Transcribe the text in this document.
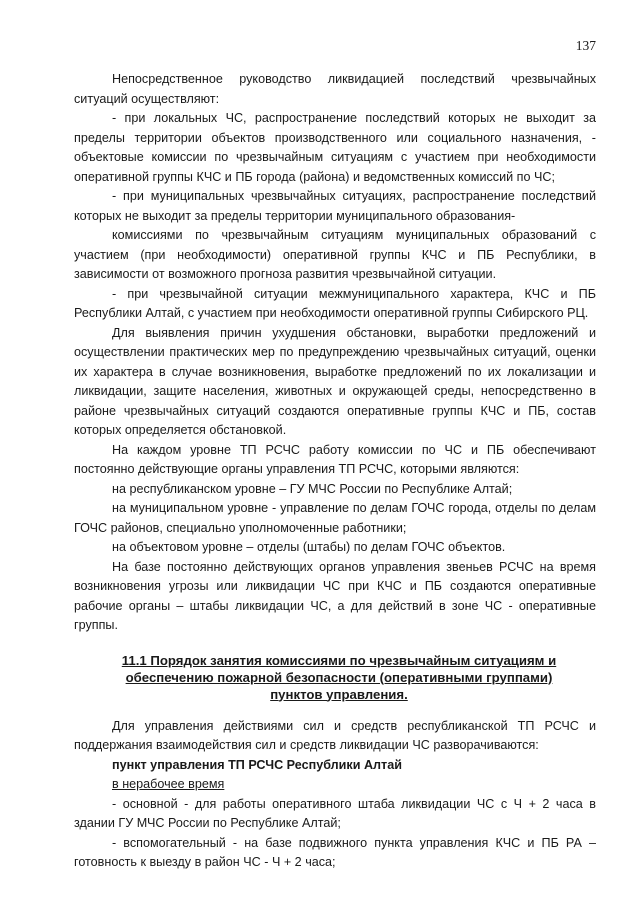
137

Непосредственное руководство ликвидацией последствий чрезвычайных ситуаций осуществляют:

- при локальных ЧС, распространение последствий которых не выходит за пределы территории объектов производственного или социального назначения, - объектовые комиссии по чрезвычайным ситуациям с участием при необходимости оперативной группы КЧС и ПБ города (района) и ведомственных комиссий по ЧС;

- при муниципальных чрезвычайных ситуациях, распространение последствий которых не выходит за пределы территории муниципального образования-

комиссиями по чрезвычайным ситуациям муниципальных образований с участием (при необходимости) оперативной группы КЧС и ПБ Республики, в зависимости от возможного прогноза развития чрезвычайной ситуации.

- при чрезвычайной ситуации межмуниципального характера, КЧС и ПБ Республики Алтай, с участием при необходимости оперативной группы Сибирского РЦ.

Для выявления причин ухудшения обстановки, выработки предложений и осуществлении практических мер по предупреждению чрезвычайных ситуаций, оценки их характера в случае возникновения, выработке предложений по их локализации и ликвидации, защите населения, животных и окружающей среды, непосредственно в районе чрезвычайных ситуаций создаются оперативные группы КЧС и ПБ, состав которых определяется обстановкой.

На каждом уровне ТП РСЧС работу комиссии по ЧС и ПБ обеспечивают постоянно действующие органы управления ТП РСЧС, которыми являются:

на республиканском уровне – ГУ МЧС России по Республике Алтай;

на муниципальном уровне - управление по делам ГОЧС города, отделы по делам ГОЧС районов, специально уполномоченные работники;

на объектовом уровне – отделы (штабы) по делам ГОЧС объектов.

На базе постоянно действующих органов управления звеньев РСЧС на время возникновения угрозы или ликвидации ЧС при КЧС и ПБ создаются оперативные рабочие органы – штабы ликвидации ЧС, а для действий в зоне ЧС - оперативные группы.

11.1 Порядок занятия комиссиями по чрезвычайным ситуациям и обеспечению пожарной безопасности (оперативными группами) пунктов управления.

Для управления действиями сил и средств республиканской ТП РСЧС и поддержания взаимодействия сил и средств ликвидации ЧС разворачиваются:

пункт управления ТП РСЧС Республики Алтай

в нерабочее время

- основной - для работы оперативного штаба ликвидации ЧС с Ч + 2 часа в здании ГУ МЧС России по Республике Алтай;

- вспомогательный - на базе подвижного пункта управления КЧС и ПБ РА – готовность к выезду в район ЧС - Ч + 2 часа;
